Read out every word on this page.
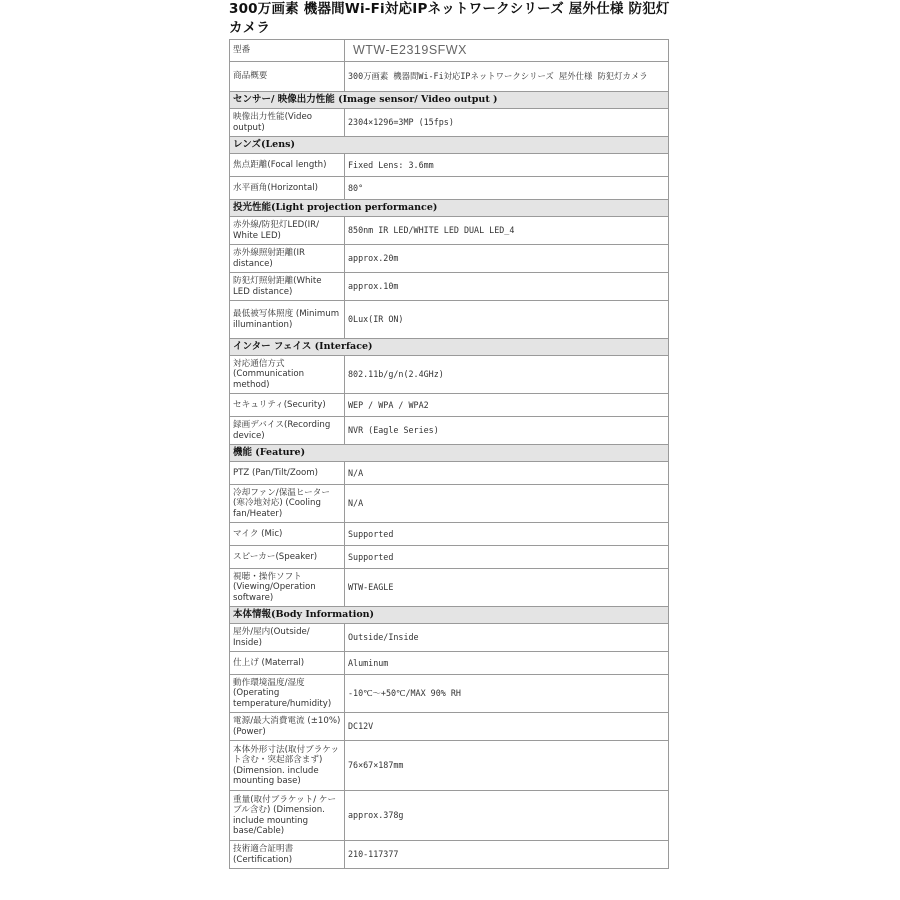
300万画素 機器間Wi-Fi対応IPネットワークシリーズ 屋外仕様 防犯灯カメラ
型番	WTW-E2319SFWX
商品概要	300万画素 機器間Wi-Fi対応IPネットワークシリーズ 屋外仕様 防犯灯カメラ
センサー/ 映像出力性能 (Image sensor/ Video output )	
映像出力性能(Video output)	2304×1296=3MP (15fps)
レンズ(Lens)	
焦点距離(Focal length)	Fixed Lens: 3.6mm
水平画角(Horizontal)	80°
投光性能(Light projection performance)	
赤外線/防犯灯LED(IR/ White LED)	850nm IR LED/WHITE LED DUAL LED_4
赤外線照射距離(IR distance)	approx.20m
防犯灯照射距離(White LED distance)	approx.10m
最低被写体照度 (Minimum illuminantion)	0Lux(IR ON)
インター フェイス (Interface)	
対応通信方式 (Communication method)	802.11b/g/n(2.4GHz)
セキュリティ(Security)	WEP / WPA / WPA2
録画デバイス(Recording device)	NVR (Eagle Series)
機能 (Feature)	
PTZ (Pan/Tilt/Zoom)	N/A
冷却ファン/保温ヒーター (寒冷地対応) (Cooling fan/Heater)	N/A
マイク (Mic)	Supported
スピーカー(Speaker)	Supported
視聴・操作ソフト (Viewing/Operation software)	WTW-EAGLE
本体情報(Body Information)	
屋外/屋内(Outside/ Inside)	Outside/Inside
仕上げ (Materral)	Aluminum
動作環境温度/湿度 (Operating temperature/humidity)	-10℃～+50℃/MAX 90% RH
電源/最大消費電流 (±10%)(Power)	DC12V
本体外形寸法(取付ブラケット含む・突起部含まず)(Dimension. include mounting base)	76×67×187mm
重量(取付ブラケット/ ケーブル含む) (Dimension. include mounting base/Cable)	approx.378g
技術適合証明書 (Certification)	210-117377
